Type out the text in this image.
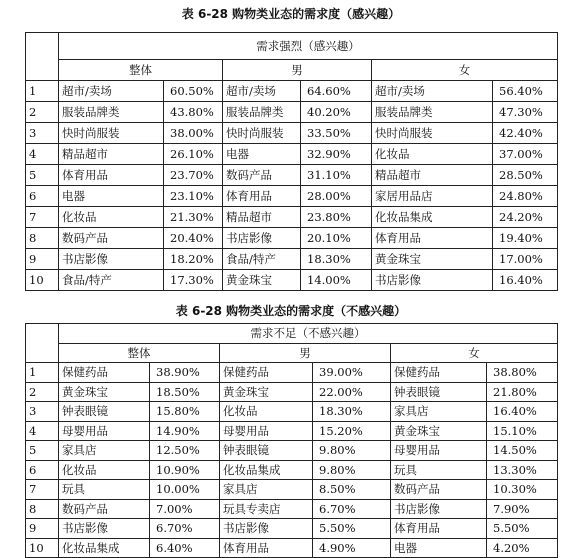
表 6-28 购物类业态的需求度（感兴趣）
	需求强烈（感兴趣）					
	整体		男		女	
1	超市/卖场	60.50%	超市/卖场	64.60%	超市/卖场	56.40%
2	服装品牌类	43.80%	服装品牌类	40.20%	服装品牌类	47.30%
3	快时尚服装	38.00%	快时尚服装	33.50%	快时尚服装	42.40%
4	精品超市	26.10%	电器	32.90%	化妆品	37.00%
5	体育用品	23.70%	数码产品	31.10%	精品超市	28.50%
6	电器	23.10%	体育用品	28.00%	家居用品店	24.80%
7	化妆品	21.30%	精品超市	23.80%	化妆品集成	24.20%
8	数码产品	20.40%	书店影像	20.10%	体育用品	19.40%
9	书店影像	18.20%	食品/特产	18.30%	黄金珠宝	17.00%
10	食品/特产	17.30%	黄金珠宝	14.00%	书店影像	16.40%
表 6-28 购物类业态的需求度（不感兴趣）
	需求不足（不感兴趣）					
	整体		男		女	
1	保健药品	38.90%	保健药品	39.00%	保健药品	38.80%
2	黄金珠宝	18.50%	黄金珠宝	22.00%	钟表眼镜	21.80%
3	钟表眼镜	15.80%	化妆品	18.30%	家具店	16.40%
4	母婴用品	14.90%	母婴用品	15.20%	黄金珠宝	15.10%
5	家具店	12.50%	钟表眼镜	9.80%	母婴用品	14.50%
6	化妆品	10.90%	化妆品集成	9.80%	玩具	13.30%
7	玩具	10.00%	家具店	8.50%	数码产品	10.30%
8	数码产品	7.00%	玩具专卖店	6.70%	书店影像	7.90%
9	书店影像	6.70%	书店影像	5.50%	体育用品	5.50%
10	化妆品集成	6.40%	体育用品	4.90%	电器	4.20%
